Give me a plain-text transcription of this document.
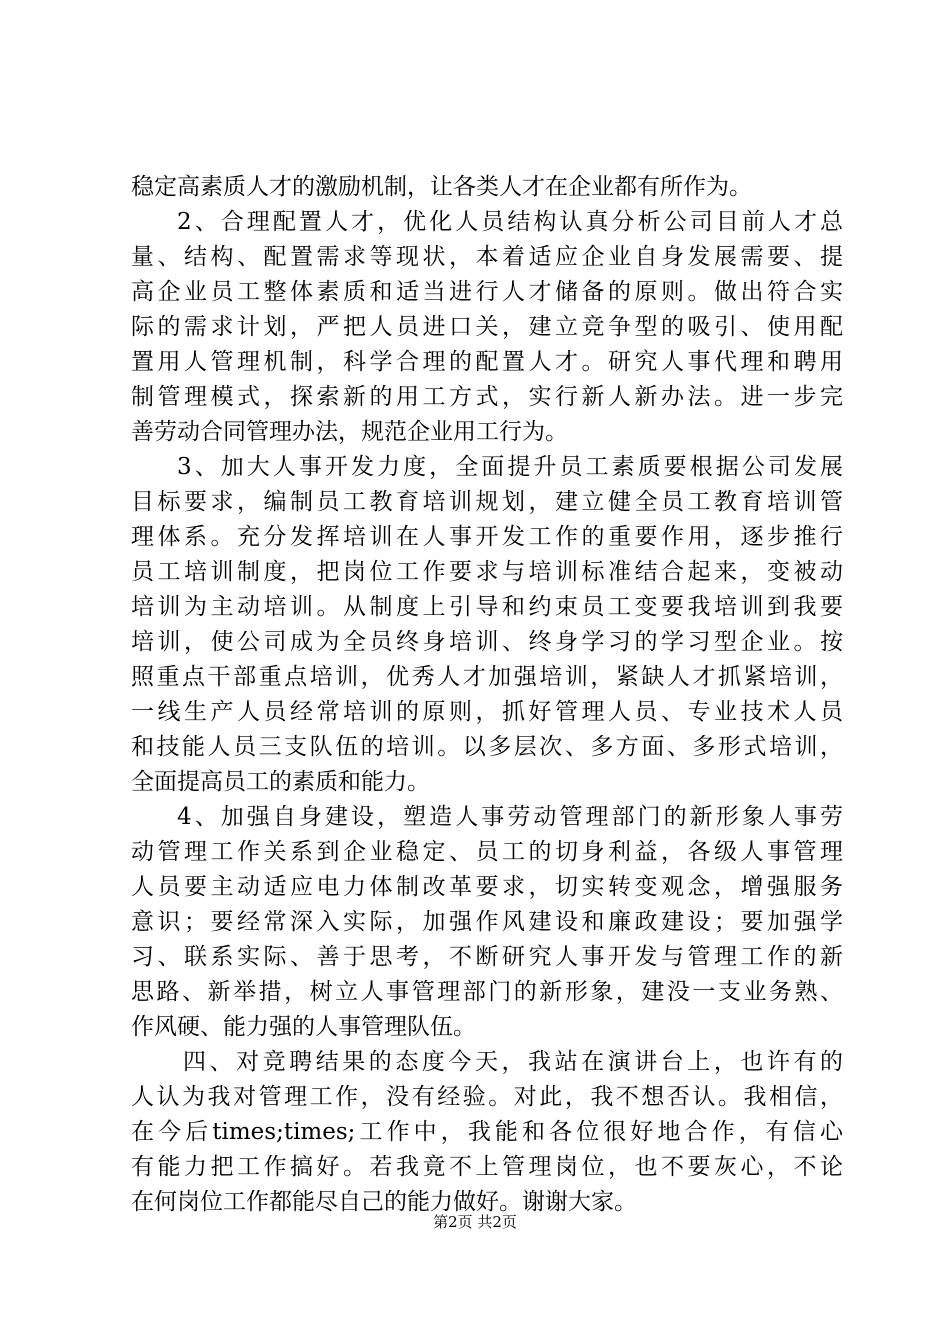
稳定高素质人才的激励机制，让各类人才在企业都有所作为。
2、合理配置人才，优化人员结构认真分析公司目前人才总
量、结构、配置需求等现状，本着适应企业自身发展需要、提
高企业员工整体素质和适当进行人才储备的原则。做出符合实
际的需求计划，严把人员进口关，建立竞争型的吸引、使用配
置用人管理机制，科学合理的配置人才。研究人事代理和聘用
制管理模式，探索新的用工方式，实行新人新办法。进一步完
善劳动合同管理办法，规范企业用工行为。
3、加大人事开发力度，全面提升员工素质要根据公司发展
目标要求，编制员工教育培训规划，建立健全员工教育培训管
理体系。充分发挥培训在人事开发工作的重要作用，逐步推行
员工培训制度，把岗位工作要求与培训标准结合起来，变被动
培训为主动培训。从制度上引导和约束员工变要我培训到我要
培训，使公司成为全员终身培训、终身学习的学习型企业。按
照重点干部重点培训，优秀人才加强培训，紧缺人才抓紧培训，
一线生产人员经常培训的原则，抓好管理人员、专业技术人员
和技能人员三支队伍的培训。以多层次、多方面、多形式培训，
全面提高员工的素质和能力。
4、加强自身建设，塑造人事劳动管理部门的新形象人事劳
动管理工作关系到企业稳定、员工的切身利益，各级人事管理
人员要主动适应电力体制改革要求，切实转变观念，增强服务
意识；要经常深入实际，加强作风建设和廉政建设；要加强学
习、联系实际、善于思考，不断研究人事开发与管理工作的新
思路、新举措，树立人事管理部门的新形象，建没一支业务熟、
作风硬、能力强的人事管理队伍。
四、对竞聘结果的态度今天，我站在演讲台上，也许有的
人认为我对管理工作，没有经验。对此，我不想否认。我相信，
在今后times;times;工作中，我能和各位很好地合作，有信心
有能力把工作搞好。若我竟不上管理岗位，也不要灰心，不论
在何岗位工作都能尽自己的能力做好。谢谢大家。
第2页 共2页
